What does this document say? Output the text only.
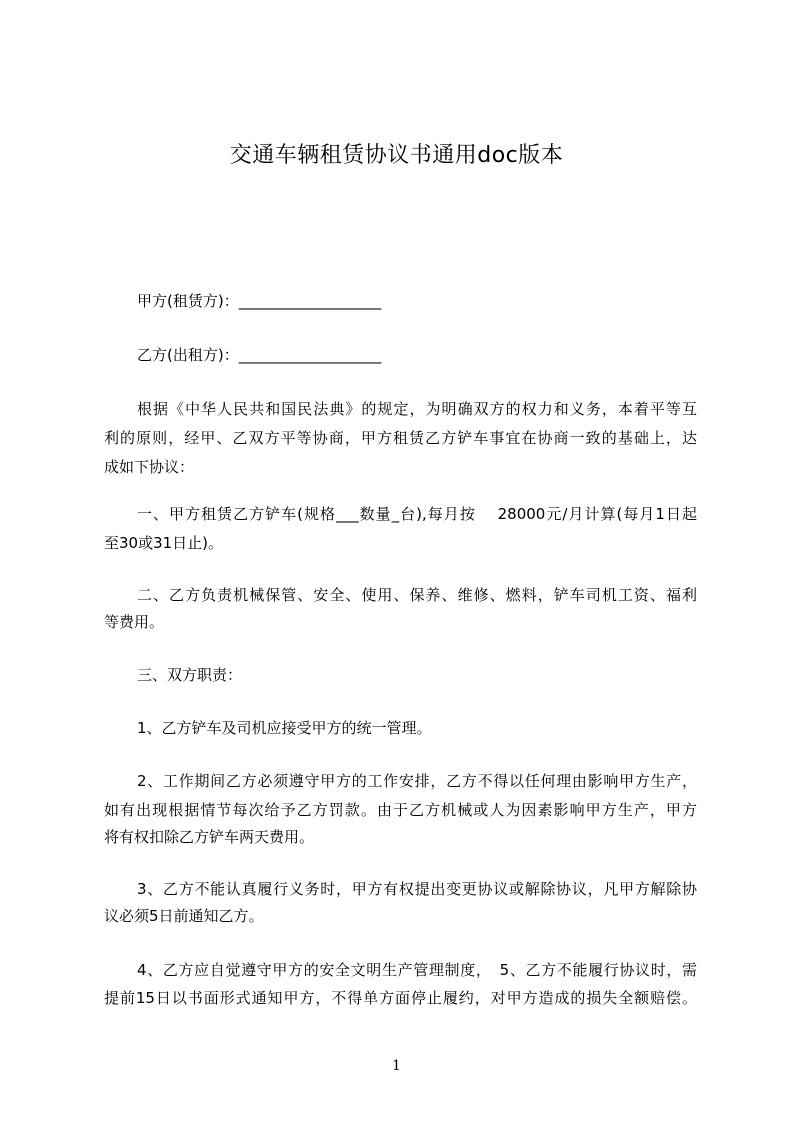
交通车辆租赁协议书通用doc版本
甲方(租赁方)：___________________
乙方(出租方)：___________________
根据《中华人民共和国民法典》的规定，为明确双方的权力和义务，本着平等互
利的原则，经甲、乙双方平等协商，甲方租赁乙方铲车事宜在协商一致的基础上，达
成如下协议：
一、甲方租赁乙方铲车(规格___数量_台),每月按　 28000元/月计算(每月1日起
至30或31日止)。
二、乙方负责机械保管、安全、使用、保养、维修、燃料，铲车司机工资、福利
等费用。
三、双方职责：
1、乙方铲车及司机应接受甲方的统一管理。
2、工作期间乙方必须遵守甲方的工作安排，乙方不得以任何理由影响甲方生产，
如有出现根据情节每次给予乙方罚款。由于乙方机械或人为因素影响甲方生产，甲方
将有权扣除乙方铲车两天费用。
3、乙方不能认真履行义务时，甲方有权提出变更协议或解除协议，凡甲方解除协
议必须5日前通知乙方。
4、乙方应自觉遵守甲方的安全文明生产管理制度，　5、乙方不能履行协议时，需
提前15日以书面形式通知甲方，不得单方面停止履约，对甲方造成的损失全额赔偿。
1
